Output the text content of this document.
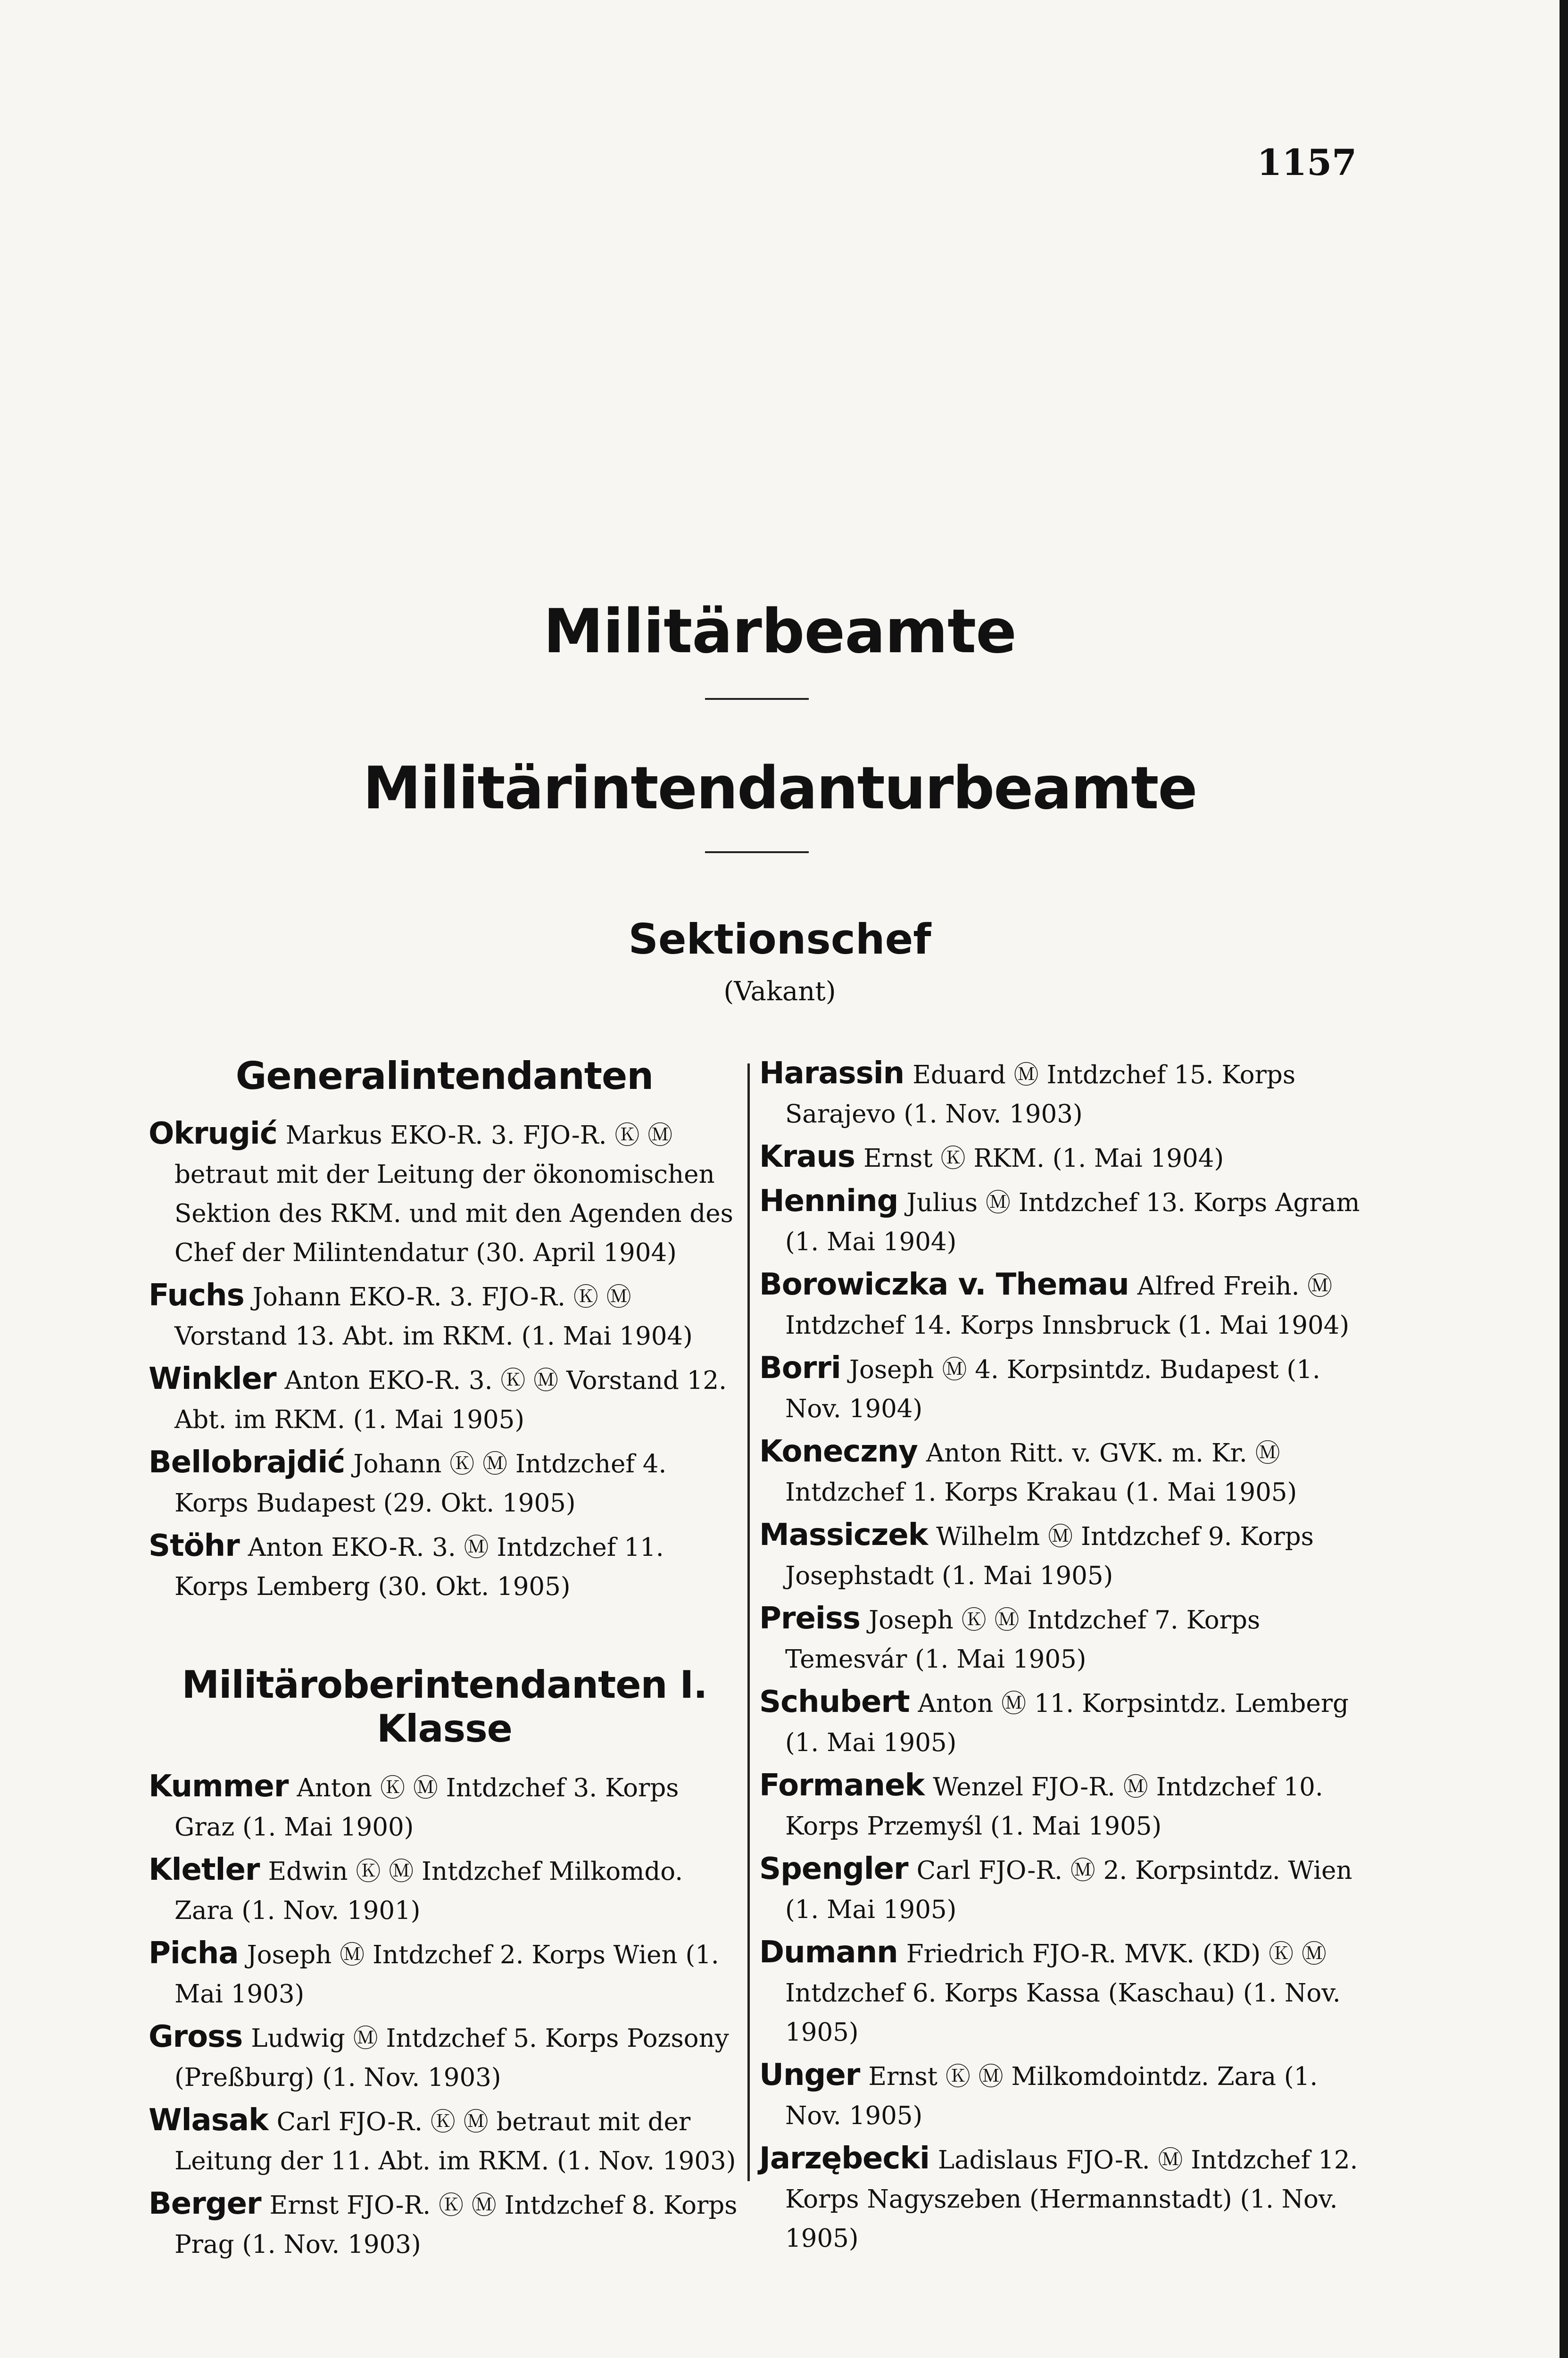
1157
Militärbeamte
Militärintendanturbeamte
Sektionschef
(Vakant)
Generalintendanten
Okrugić Markus EKO-R. 3. FJO-R. Ⓚ Ⓜ betraut mit der Leitung der ökonomischen Sektion des RKM. und mit den Agenden des Chef der Milintendatur (30. April 1904)
Fuchs Johann EKO-R. 3. FJO-R. Ⓚ Ⓜ Vorstand 13. Abt. im RKM. (1. Mai 1904)
Winkler Anton EKO-R. 3. Ⓚ Ⓜ Vorstand 12. Abt. im RKM. (1. Mai 1905)
Bellobrajdić Johann Ⓚ Ⓜ Intdzchef 4. Korps Budapest (29. Okt. 1905)
Stöhr Anton EKO-R. 3. Ⓜ Intdzchef 11. Korps Lemberg (30. Okt. 1905)
Militäroberintendanten I. Klasse
Kummer Anton Ⓚ Ⓜ Intdzchef 3. Korps Graz (1. Mai 1900)
Kletler Edwin Ⓚ Ⓜ Intdzchef Milkomdo. Zara (1. Nov. 1901)
Picha Joseph Ⓜ Intdzchef 2. Korps Wien (1. Mai 1903)
Gross Ludwig Ⓜ Intdzchef 5. Korps Pozsony (Preßburg) (1. Nov. 1903)
Wlasak Carl FJO-R. Ⓚ Ⓜ betraut mit der Leitung der 11. Abt. im RKM. (1. Nov. 1903)
Berger Ernst FJO-R. Ⓚ Ⓜ Intdzchef 8. Korps Prag (1. Nov. 1903)
Harassin Eduard Ⓜ Intdzchef 15. Korps Sarajevo (1. Nov. 1903)
Kraus Ernst Ⓚ RKM. (1. Mai 1904)
Henning Julius Ⓜ Intdzchef 13. Korps Agram (1. Mai 1904)
Borowiczka v. Themau Alfred Freih. Ⓜ Intdzchef 14. Korps Innsbruck (1. Mai 1904)
Borri Joseph Ⓜ 4. Korpsintdz. Budapest (1. Nov. 1904)
Koneczny Anton Ritt. v. GVK. m. Kr. Ⓜ Intdzchef 1. Korps Krakau (1. Mai 1905)
Massiczek Wilhelm Ⓜ Intdzchef 9. Korps Josephstadt (1. Mai 1905)
Preiss Joseph Ⓚ Ⓜ Intdzchef 7. Korps Temesvár (1. Mai 1905)
Schubert Anton Ⓜ 11. Korpsintdz. Lemberg (1. Mai 1905)
Formanek Wenzel FJO-R. Ⓜ Intdzchef 10. Korps Przemyśl (1. Mai 1905)
Spengler Carl FJO-R. Ⓜ 2. Korpsintdz. Wien (1. Mai 1905)
Dumann Friedrich FJO-R. MVK. (KD) Ⓚ Ⓜ Intdzchef 6. Korps Kassa (Kaschau) (1. Nov. 1905)
Unger Ernst Ⓚ Ⓜ Milkomdointdz. Zara (1. Nov. 1905)
Jarzębecki Ladislaus FJO-R. Ⓜ Intdzchef 12. Korps Nagyszeben (Hermannstadt) (1. Nov. 1905)
